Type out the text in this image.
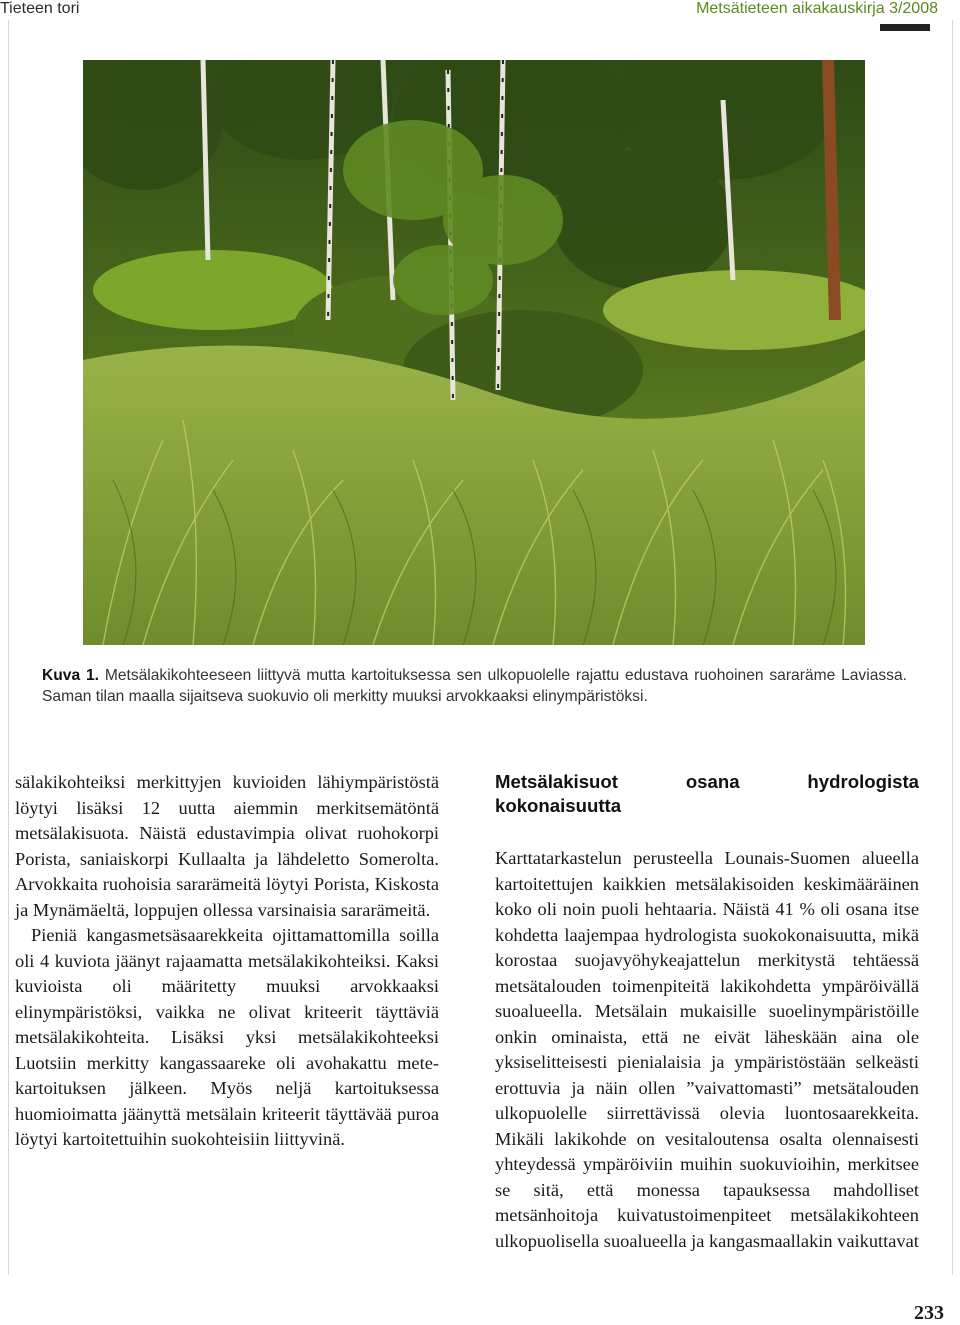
Tieteen tori	Metsätieteen aikakauskirja 3/2008
Kuva 1. Metsälakikohteeseen liittyvä mutta kartoituksessa sen ulkopuolelle rajattu edustava ruohoinen sararäme Laviassa. Saman tilan maalla sijaitseva suokuvio oli merkitty muuksi arvokkaaksi elinympäristöksi.

sälakikohteiksi merkittyjen kuvioiden lähiympäristöstä löytyi lisäksi 12 uutta aiemmin merkitsemätöntä metsälakisuota. Näistä edustavimpia olivat ruohokorpi Porista, saniaiskorpi Kullaalta ja lähdeletto Somerolta. Arvokkaita ruohoisia sararämeitä löytyi Porista, Kiskosta ja Mynämäeltä, loppujen ollessa varsinaisia sararämeitä.

Pieniä kangasmetsäsaarekkeita ojittamattomilla soilla oli 4 kuviota jäänyt rajaamatta metsälakikohteiksi. Kaksi kuvioista oli määritetty muuksi arvokkaaksi elinympäristöksi, vaikka ne olivat kriteerit täyttäviä metsälakikohteita. Lisäksi yksi metsälakikohteeksi Luotsiin merkitty kangassaareke oli avohakattu mete-kartoituksen jälkeen. Myös neljä kartoituksessa huomioimatta jäänyttä metsälain kriteerit täyttävää puroa löytyi kartoitettuihin suokohteisiin liittyvinä.

Metsälakisuot osana hydrologista kokonaisuutta

Karttatarkastelun perusteella Lounais-Suomen alueella kartoitettujen kaikkien metsälakisoiden keskimääräinen koko oli noin puoli hehtaaria. Näistä 41 % oli osana itse kohdetta laajempaa hydrologista suokokonaisuutta, mikä korostaa suojavyöhykeajattelun merkitystä tehtäessä metsätalouden toimenpiteitä lakikohdetta ympäröivällä suoalueella. Metsälain mukaisille suoelinympäristöille onkin ominaista, että ne eivät läheskään aina ole yksiselitteisesti pienialaisia ja ympäristöstään selkeästi erottuvia ja näin ollen ”vaivattomasti” metsätalouden ulkopuolelle siirrettävissä olevia luontosaarekkeita. Mikäli lakikohde on vesitaloutensa osalta olennaisesti yhteydessä ympäröiviin muihin suokuvioihin, merkitsee se sitä, että monessa tapauksessa mahdolliset metsänhoitoja kuivatustoimenpiteet metsälakikohteen ulkopuolisella suoalueella ja kangasmaallakin vaikuttavat

233
